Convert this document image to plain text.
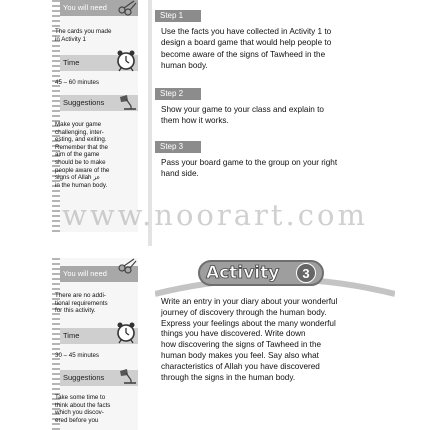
You will need
The cards you made
in Activity 1
Time
45 – 60 minutes
Suggestions
Make your game
challenging, inter-
esting, and exiting.
Remember that the
aim of the game
should be to make
people aware of the
signs of Allah عز
in the human body.
Step 1
Use the facts you have collected in Activity 1 to
design a board game that would help people to
become aware of the signs of Tawheed in the
human body.
Step 2
Show your game to your class and explain to
them how it works.
Step 3
Pass your board game to the group on your right
hand side.
www.noorart.com
You will need
There are no addi-
tional requirements
for this activity.
Time
30 – 45 minutes
Suggestions
Take some time to
think about the facts
which you discov-
ered before you
Activity	3
Write an entry in your diary about your wonderful
journey of discovery through the human body.
Express your feelings about the many wonderful
things you have discovered. Write down
how discovering the signs of Tawheed in the
human body makes you feel. Say also what
characteristics of Allah you have discovered
through the signs in the human body.
